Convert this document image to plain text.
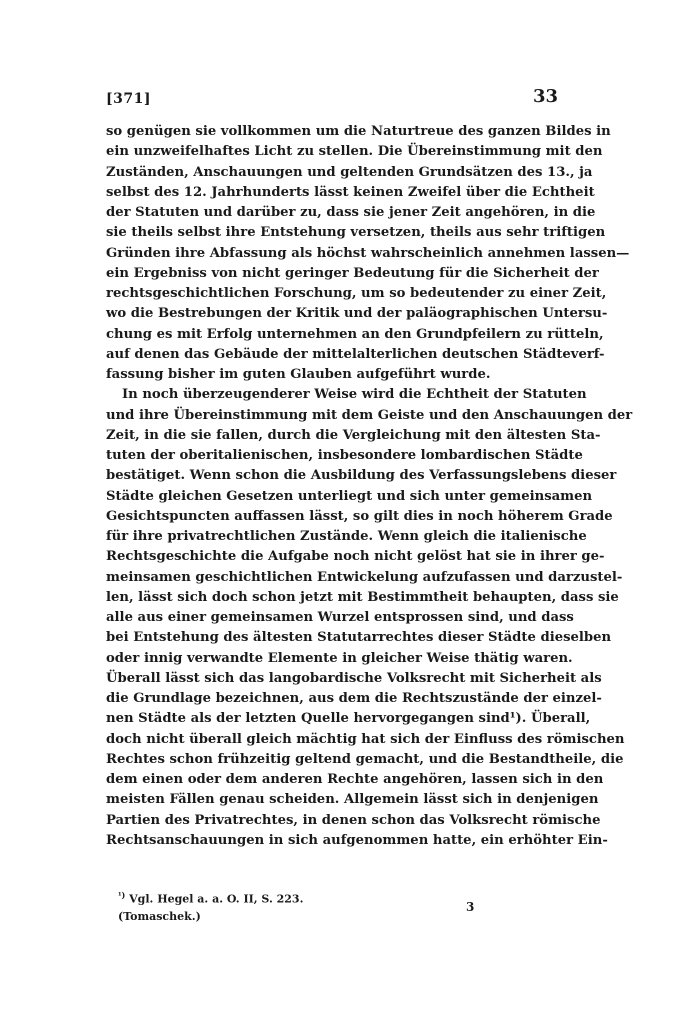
[371]	33
so genügen sie vollkommen um die Naturtreue des ganzen Bildes in
ein unzweifelhaftes Licht zu stellen. Die Übereinstimmung mit den
Zuständen, Anschauungen und geltenden Grundsätzen des 13., ja
selbst des 12. Jahrhunderts lässt keinen Zweifel über die Echtheit
der Statuten und darüber zu, dass sie jener Zeit angehören, in die
sie theils selbst ihre Entstehung versetzen, theils aus sehr triftigen
Gründen ihre Abfassung als höchst wahrscheinlich annehmen lassen—
ein Ergebniss von nicht geringer Bedeutung für die Sicherheit der
rechtsgeschichtlichen Forschung, um so bedeutender zu einer Zeit,
wo die Bestrebungen der Kritik und der paläographischen Untersu-
chung es mit Erfolg unternehmen an den Grundpfeilern zu rütteln,
auf denen das Gebäude der mittelalterlichen deutschen Städteverf-
fassung bisher im guten Glauben aufgeführt wurde.
In noch überzeugenderer Weise wird die Echtheit der Statuten
und ihre Übereinstimmung mit dem Geiste und den Anschauungen der
Zeit, in die sie fallen, durch die Vergleichung mit den ältesten Sta-
tuten der oberitalienischen, insbesondere lombardischen Städte
bestätiget. Wenn schon die Ausbildung des Verfassungslebens dieser
Städte gleichen Gesetzen unterliegt und sich unter gemeinsamen
Gesichtspuncten auffassen lässt, so gilt dies in noch höherem Grade
für ihre privatrechtlichen Zustände. Wenn gleich die italienische
Rechtsgeschichte die Aufgabe noch nicht gelöst hat sie in ihrer ge-
meinsamen geschichtlichen Entwickelung aufzufassen und darzustel-
len, lässt sich doch schon jetzt mit Bestimmtheit behaupten, dass sie
alle aus einer gemeinsamen Wurzel entsprossen sind, und dass
bei Entstehung des ältesten Statutarrechtes dieser Städte dieselben
oder innig verwandte Elemente in gleicher Weise thätig waren.
Überall lässt sich das langobardische Volksrecht mit Sicherheit als
die Grundlage bezeichnen, aus dem die Rechtszustände der einzel-
nen Städte als der letzten Quelle hervorgegangen sind¹). Überall,
doch nicht überall gleich mächtig hat sich der Einfluss des römischen
Rechtes schon frühzeitig geltend gemacht, und die Bestandtheile, die
dem einen oder dem anderen Rechte angehören, lassen sich in den
meisten Fällen genau scheiden. Allgemein lässt sich in denjenigen
Partien des Privatrechtes, in denen schon das Volksrecht römische
Rechtsanschauungen in sich aufgenommen hatte, ein erhöhter Ein-
$^{^1)}$ Vgl. Hegel a. a. O. II, S. 223.
(Tomaschek.)
3
